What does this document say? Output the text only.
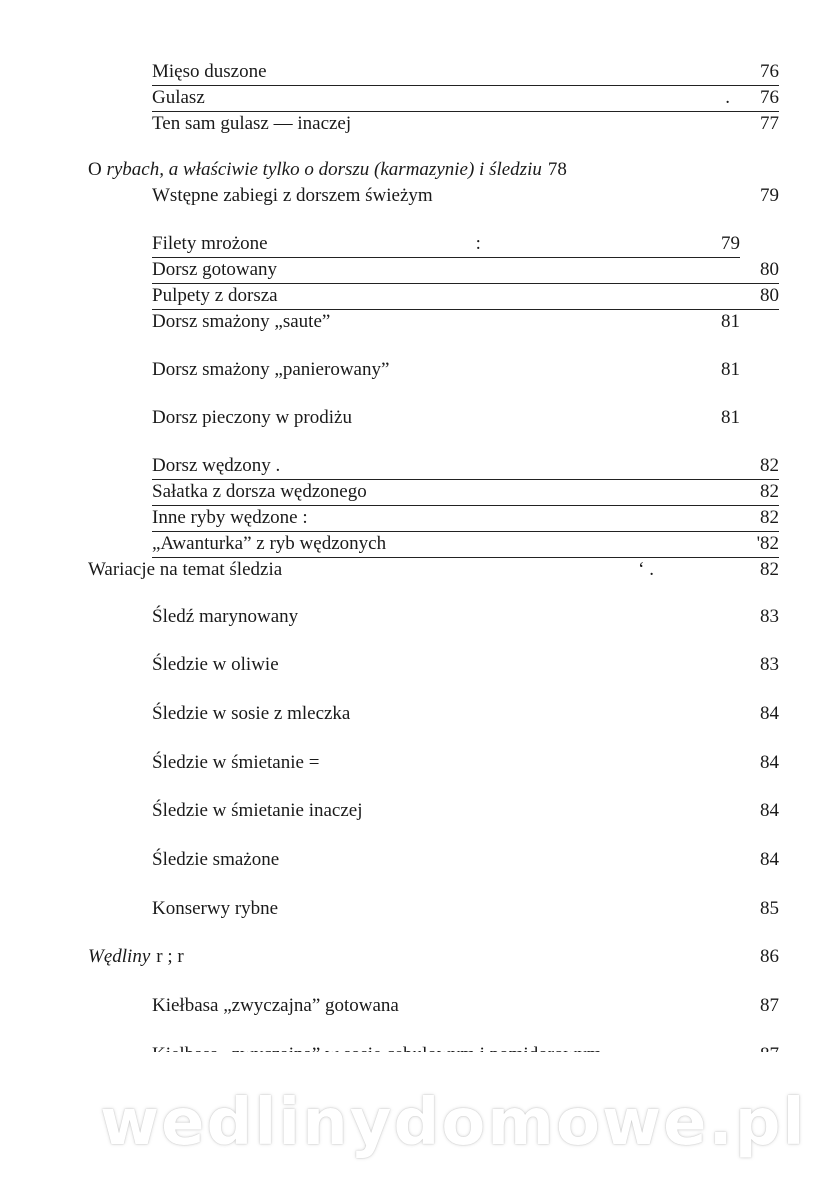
Mięso duszone	76
Gulasz	. 76
Ten sam gulasz — inaczej	77
O rybach, a właściwie tylko o dorszu (karmazynie) i śledziu 78
Wstępne zabiegi z dorszem świeżym	79
Filety mrożone	:	79
Dorsz gotowany	80
Pulpety z dorsza	80
Dorsz smażony „saute”	81
Dorsz smażony „panierowany”	81
Dorsz pieczony w prodiżu	81
Dorsz wędzony .	82
Sałatka z dorsza wędzonego	82
Inne ryby wędzone :	82
„Awanturka” z ryb wędzonych	'82
Wariacje na temat śledzia	‘ .	82
Śledź marynowany	83
Śledzie w oliwie	83
Śledzie w sosie z mleczka	84
Śledzie w śmietanie =	84
Śledzie w śmietanie inaczej	84
Śledzie smażone	84
Konserwy rybne	85
Wędliny r ; r	86
Kiełbasa „zwyczajna” gotowana	87
wedlinydomowe.pl
